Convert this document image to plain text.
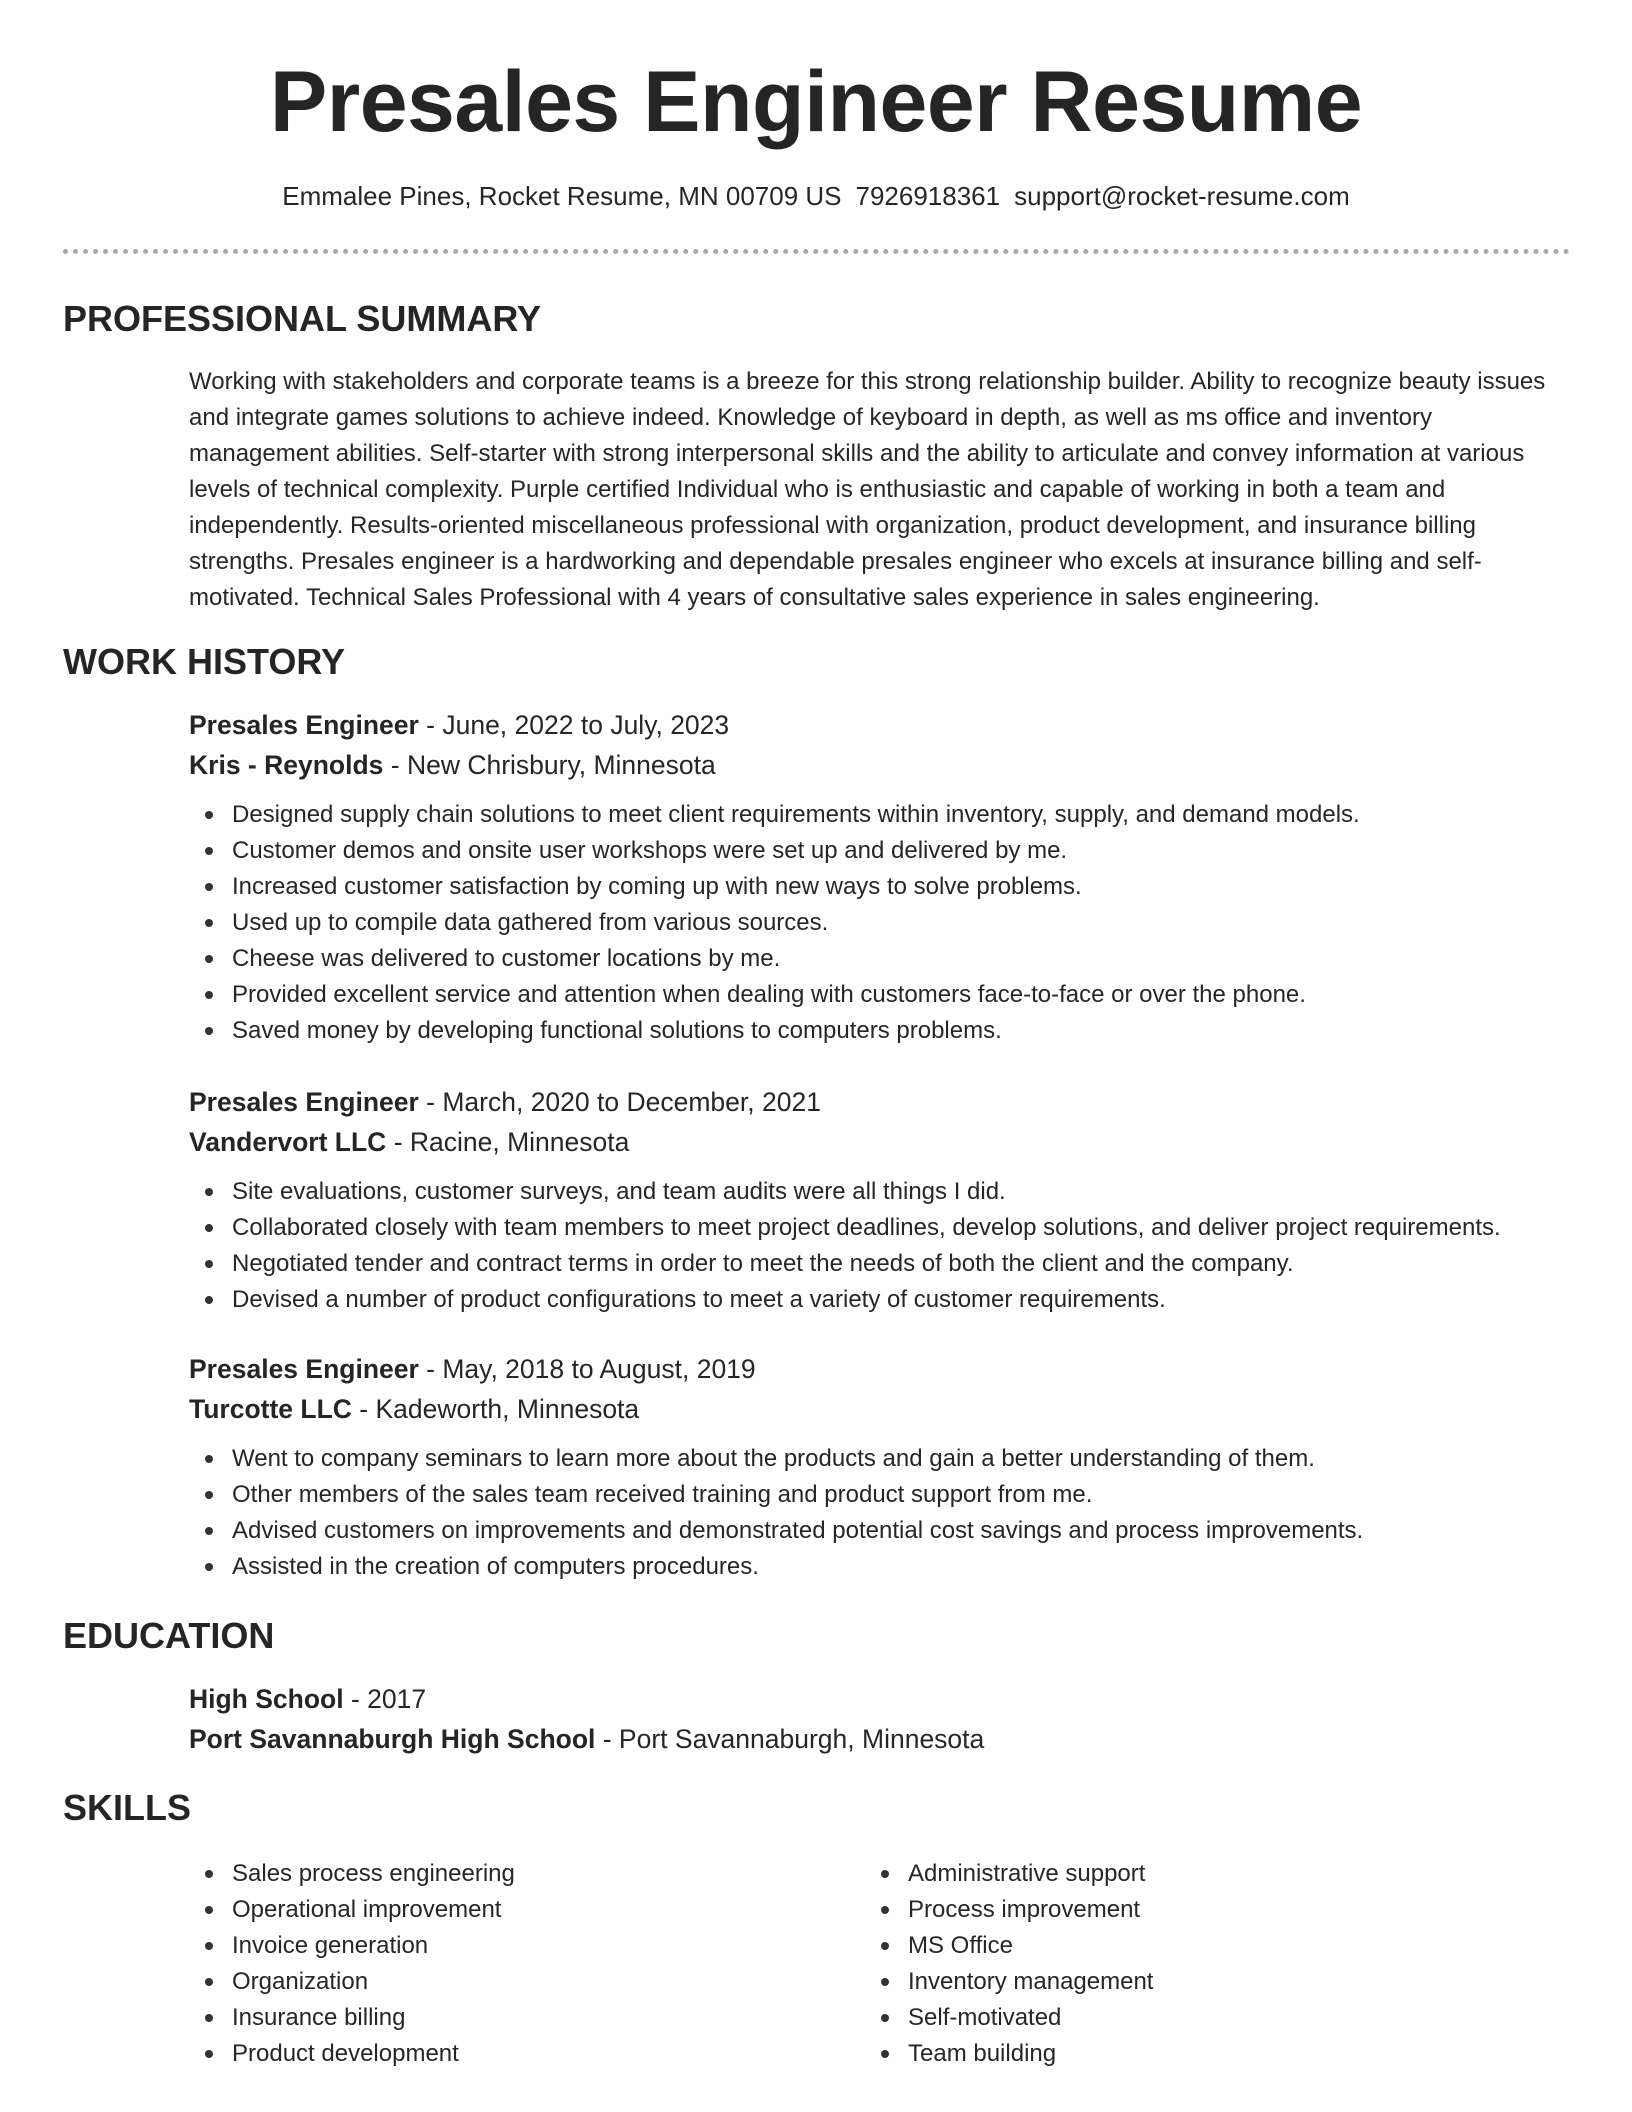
Presales Engineer Resume
Emmalee Pines, Rocket Resume, MN 00709 US 7926918361 support@rocket-resume.com
PROFESSIONAL SUMMARY

Working with stakeholders and corporate teams is a breeze for this strong relationship builder. Ability to recognize beauty issues and integrate games solutions to achieve indeed. Knowledge of keyboard in depth, as well as ms office and inventory management abilities. Self-starter with strong interpersonal skills and the ability to articulate and convey information at various levels of technical complexity. Purple certified Individual who is enthusiastic and capable of working in both a team and independently. Results-oriented miscellaneous professional with organization, product development, and insurance billing strengths. Presales engineer is a hardworking and dependable presales engineer who excels at insurance billing and self-motivated. Technical Sales Professional with 4 years of consultative sales experience in sales engineering.

WORK HISTORY
Presales Engineer - June, 2022 to July, 2023
Kris - Reynolds - New Chrisbury, Minnesota
Designed supply chain solutions to meet client requirements within inventory, supply, and demand models.
Customer demos and onsite user workshops were set up and delivered by me.
Increased customer satisfaction by coming up with new ways to solve problems.
Used up to compile data gathered from various sources.
Cheese was delivered to customer locations by me.
Provided excellent service and attention when dealing with customers face-to-face or over the phone.
Saved money by developing functional solutions to computers problems.
Presales Engineer - March, 2020 to December, 2021
Vandervort LLC - Racine, Minnesota
Site evaluations, customer surveys, and team audits were all things I did.
Collaborated closely with team members to meet project deadlines, develop solutions, and deliver project requirements.
Negotiated tender and contract terms in order to meet the needs of both the client and the company.
Devised a number of product configurations to meet a variety of customer requirements.
Presales Engineer - May, 2018 to August, 2019
Turcotte LLC - Kadeworth, Minnesota
Went to company seminars to learn more about the products and gain a better understanding of them.
Other members of the sales team received training and product support from me.
Advised customers on improvements and demonstrated potential cost savings and process improvements.
Assisted in the creation of computers procedures.
EDUCATION
High School - 2017
Port Savannaburgh High School - Port Savannaburgh, Minnesota
SKILLS
Sales process engineering
Operational improvement
Invoice generation
Organization
Insurance billing
Product development
Administrative support
Process improvement
MS Office
Inventory management
Self-motivated
Team building
